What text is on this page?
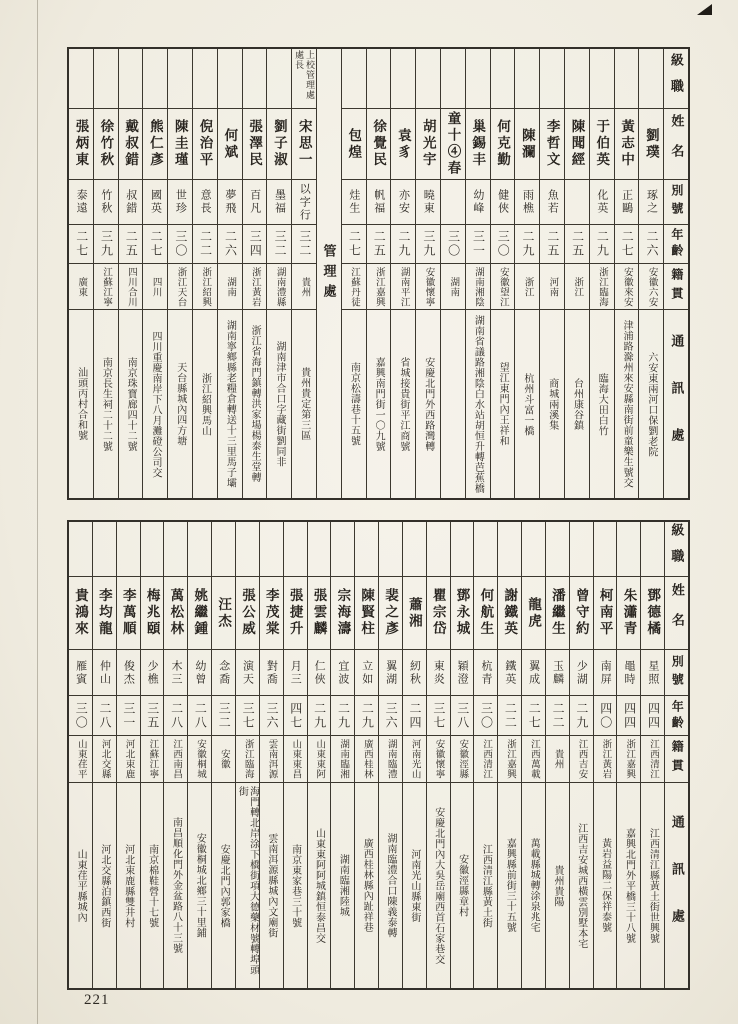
級職
姓名
別號
年齡
籍貫
通訊處
劉璞
琢之
二六
安徽六安
六安東兩河口保劉老院
黃志中
正鷗
二七
安徽來安
津浦路滁州來安縣南街前童樂生號交
于伯英
化英
二九
浙江臨海
臨海大田白竹
陳聞經
二五
浙江
台州康谷鎮
李哲文
魚若
二五
河南
商城兩溪集
陳瀾
雨樵
二九
浙江
杭州斗富一橋
何克勤
健俠
三〇
安徽望江
望江東門內王祥和
巢錫丰
幼峰
三一
湖南湘陰
湖南省議路湘陰白水站胡恒升轉芭蕉橋
童十④春
三〇
湖南
胡光宇
曉東
三九
安徽懷寧
安慶北門外西路灣轉
袁豸
亦安
二九
湖南平江
省城接貴街平江商號
徐覺民
帆福
二五
浙江嘉興
嘉興南門街一〇九號
包煌
烓生
二七
江蘇丹徒
南京松濤巷十五號
管理處
上校管理處處長
宋思一
以字行
三二
貴州
貴州貴定第三區
劉子淑
墨福
三二
湖南澧縣
湖南津市合口字藏街劉同非
張澤民
百凡
三四
浙江黃岩
浙江省海門鎮轉洪家場楊泰生堂轉
何斌
夢飛
二六
湖南
湖南寧鄉縣老糧倉轉送十三里馬子壩
倪治平
意長
二二
浙江紹興
浙江紹興馬山
陳圭瑾
世珍
三〇
浙江天台
天台縣城內四方塘
熊仁彥
國英
二七
四川
四川重慶南岸下八月灘磴公司交
戴叔錯
叔錯
二五
四川合川
南京珠寶廊四十二號
徐竹秋
竹秋
三九
江蘇江寧
南京長生祠二十二號
張炳東
泰遠
二七
廣東
汕頭丙村合和號
級職
姓名
別號
年齡
籍貫
通訊處
鄧德橘
星照
四四
江西清江
江西清江縣黃土街世興號
朱瀟青
黽時
四四
浙江嘉興
嘉興北門外平橋三十八號
柯南平
南屏
四〇
浙江黃岩
黃岩益陽二保祥泰號
曾守約
少湖
二九
江西吉安
江西吉安城西橫雲別墅本宅
潘繼生
玉麟
二二
貴州
貴州貴陽
龍虎
翼成
二七
江西萬載
萬載縣城轉涂泉兆宅
謝鐵英
鐵英
二二
浙江嘉興
嘉興縣前街三十五號
何航生
杭青
三〇
江西清江
江西清江縣黃土街
鄧永城
穎澄
三八
安徽涇縣
安徽涇縣章村
瞿宗岱
東炎
三七
安徽懷寧
安慶北門內大吳岳廟西首石家巷交
蕭湘
紉秋
二四
河南光山
河南光山縣東街
裴之彥
翼湖
三六
湖南臨澧
湖南臨澧合口陳義泰轉
陳賢柱
立如
二九
廣西桂林
廣西桂林縣內趾祥巷
宗海濤
宜波
二九
湖南臨湘
湖南臨湘陸城
張雲麟
仁俠
二九
山東東阿
山東東阿阿城鎮恒泰昌交
張捷升
月三
四七
山東東昌
南京東家巷三十號
李茂棠
對喬
三六
雲南洱源
雲南洱源縣城內文廟街
張公威
演天
三七
浙江臨海
海門轉北岸涂下橋街項大德藥材號轉埠頭街
汪杰
念喬
三二
安徽
安慶北門內郭家橋
姚繼鍾
幼曾
二八
安徽桐城
安徽桐城北鄉三十里鋪
萬松林
木三
二八
江西南昌
南昌順化門外金盆路八十三號
梅兆頤
少樵
三五
江蘇江寧
南京棉鞋營十七號
李萬順
俊杰
三一
河北束鹿
河北束鹿縣雙井村
李均龍
仲山
二八
河北交縣
河北交縣泊鎮西街
貴鴻來
雁賓
三〇
山東荏平
山東荏平縣城內
221
